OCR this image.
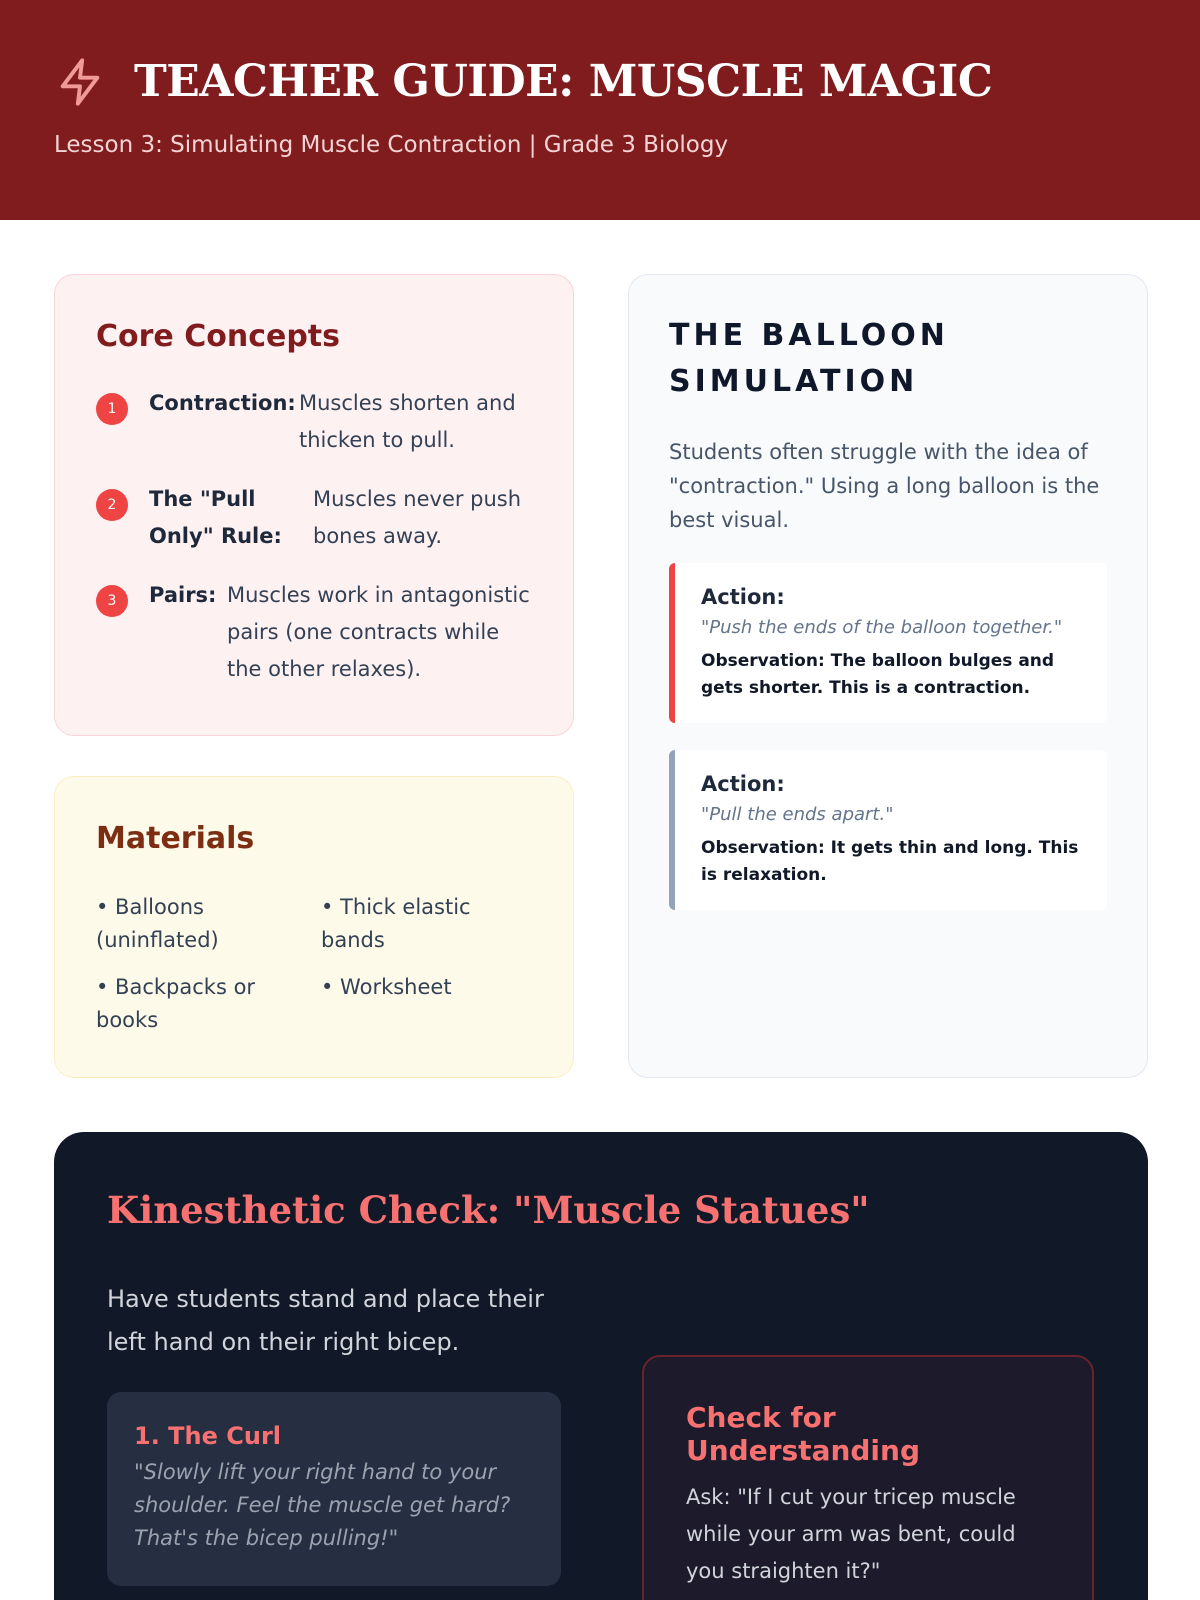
TEACHER GUIDE: MUSCLE MAGIC
Lesson 3: Simulating Muscle Contraction | Grade 3 Biology
Core Concepts
1	Contraction: Muscles shorten and thicken to pull.
2	The "Pull Only" Rule:
Muscles never push bones away.
3	Pairs: Muscles work in antagonistic pairs (one contracts while the other relaxes).
Materials
• Balloons (uninflated)
• Thick elastic bands
• Backpacks or books
• Worksheet
THE BALLOON SIMULATION

Students often struggle with the idea of "contraction." Using a long balloon is the best visual.

Action:
"Push the ends of the balloon together."
Observation: The balloon bulges and gets shorter. This is a contraction.
Action:
"Pull the ends apart."
Observation: It gets thin and long. This is relaxation.
Kinesthetic Check: "Muscle Statues"

Have students stand and place their left hand on their right bicep.

1. The Curl

"Slowly lift your right hand to your shoulder. Feel the muscle get hard? That's the bicep pulling!"

Check for Understanding

Ask: "If I cut your tricep muscle while your arm was bent, could you straighten it?"
